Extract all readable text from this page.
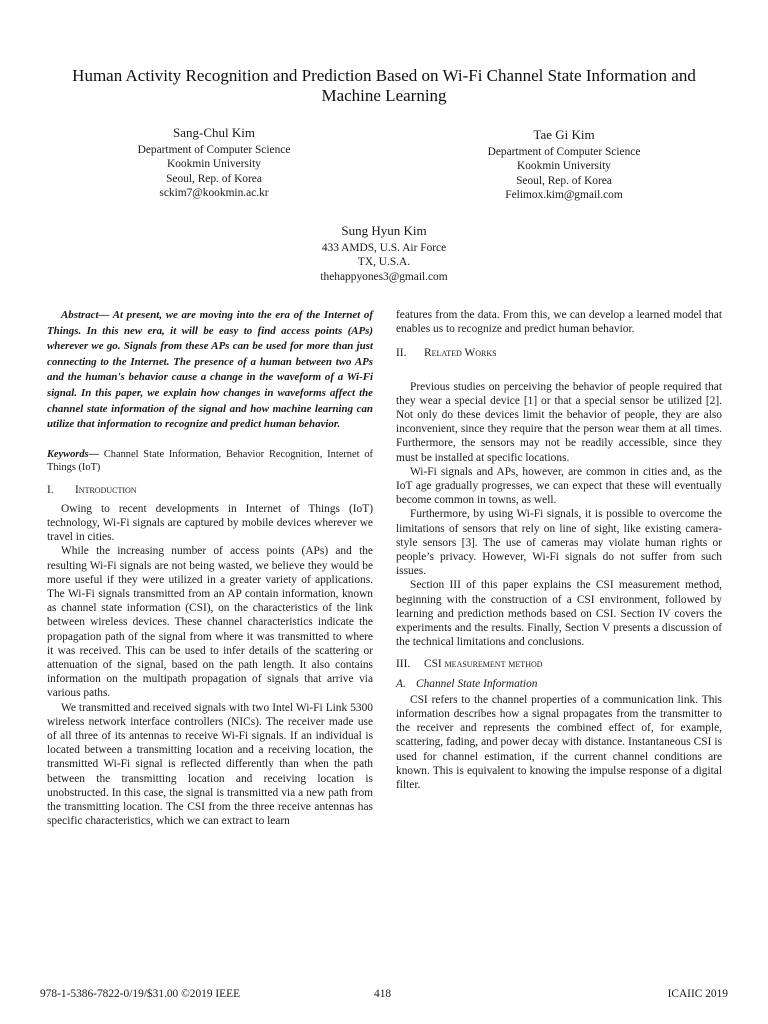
Human Activity Recognition and Prediction Based on Wi-Fi Channel State Information and Machine Learning
Sang-Chul Kim
Department of Computer Science
Kookmin University
Seoul, Rep. of Korea
sckim7@kookmin.ac.kr
Tae Gi Kim
Department of Computer Science
Kookmin University
Seoul, Rep. of Korea
Felimox.kim@gmail.com
Sung Hyun Kim
433 AMDS, U.S. Air Force
TX, U.S.A.
thehappyones3@gmail.com
Abstract— At present, we are moving into the era of the Internet of Things. In this new era, it will be easy to find access points (APs) wherever we go. Signals from these APs can be used for more than just connecting to the Internet. The presence of a human between two APs and the human's behavior cause a change in the waveform of a Wi-Fi signal. In this paper, we explain how changes in waveforms affect the channel state information of the signal and how machine learning can utilize that information to recognize and predict human behavior.
Keywords— Channel State Information, Behavior Recognition, Internet of Things (IoT)
I. Introduction

Owing to recent developments in Internet of Things (IoT) technology, Wi-Fi signals are captured by mobile devices wherever we travel in cities.

While the increasing number of access points (APs) and the resulting Wi-Fi signals are not being wasted, we believe they would be more useful if they were utilized in a greater variety of applications. The Wi-Fi signals transmitted from an AP contain information, known as channel state information (CSI), on the characteristics of the link between wireless devices. These channel characteristics indicate the propagation path of the signal from where it was transmitted to where it was received. This can be used to infer details of the scattering or attenuation of the signal, based on the path length. It also contains information on the multipath propagation of signals that arrive via various paths.

We transmitted and received signals with two Intel Wi-Fi Link 5300 wireless network interface controllers (NICs). The receiver made use of all three of its antennas to receive Wi-Fi signals. If an individual is located between a transmitting location and a receiving location, the transmitted Wi-Fi signal is reflected differently than when the path between the transmitting location and receiving location is unobstructed. In this case, the signal is transmitted via a new path from the transmitting location. The CSI from the three receive antennas has specific characteristics, which we can extract to learn

features from the data. From this, we can develop a learned model that enables us to recognize and predict human behavior.

II. Related Works

Previous studies on perceiving the behavior of people required that they wear a special device [1] or that a special sensor be utilized [2]. Not only do these devices limit the behavior of people, they are also inconvenient, since they require that the person wear them at all times. Furthermore, the sensors may not be readily accessible, since they must be installed at specific locations.

Wi-Fi signals and APs, however, are common in cities and, as the IoT age gradually progresses, we can expect that these will eventually become common in towns, as well.

Furthermore, by using Wi-Fi signals, it is possible to overcome the limitations of sensors that rely on line of sight, like existing camera-style sensors [3]. The use of cameras may violate human rights or people’s privacy. However, Wi-Fi signals do not suffer from such issues.

Section III of this paper explains the CSI measurement method, beginning with the construction of a CSI environment, followed by learning and prediction methods based on CSI. Section IV covers the experiments and the results. Finally, Section V presents a discussion of the technical limitations and conclusions.

III. CSI measurement method
A. Channel State Information

CSI refers to the channel properties of a communication link. This information describes how a signal propagates from the transmitter to the receiver and represents the combined effect of, for example, scattering, fading, and power decay with distance. Instantaneous CSI is used for channel estimation, if the current channel conditions are known. This is equivalent to knowing the impulse response of a digital filter.

978-1-5386-7822-0/19/$31.00 ©2019 IEEE	418	ICAIIC 2019
